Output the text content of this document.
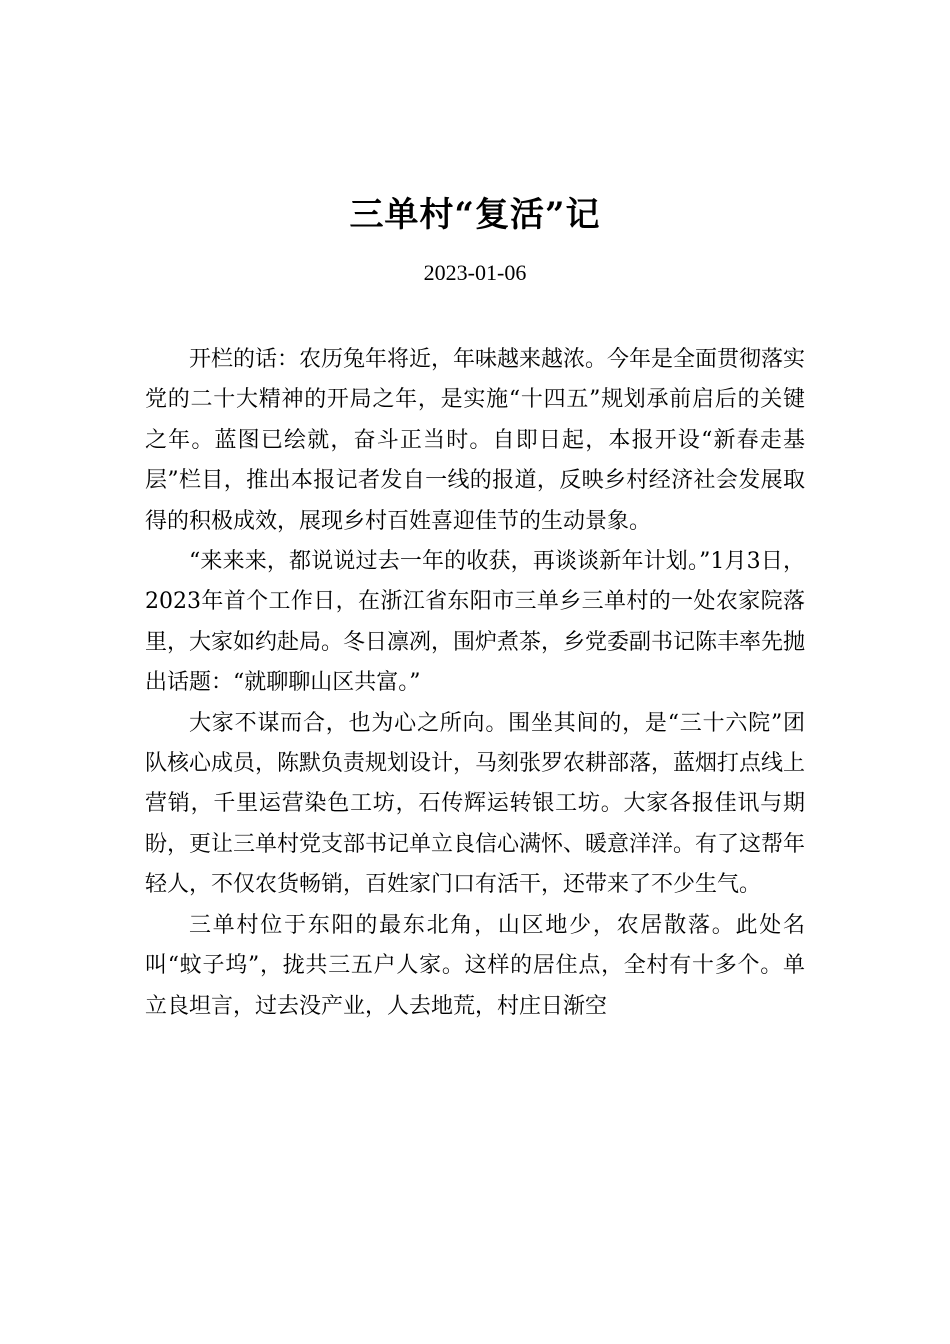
三单村“复活”记
2023-01-06

开栏的话：农历兔年将近，年味越来越浓。今年是全面贯彻落实党的二十大精神的开局之年，是实施“十四五”规划承前启后的关键之年。蓝图已绘就，奋斗正当时。自即日起，本报开设“新春走基层”栏目，推出本报记者发自一线的报道，反映乡村经济社会发展取得的积极成效，展现乡村百姓喜迎佳节的生动景象。

“来来来，都说说过去一年的收获，再谈谈新年计划。”1月3日，2023年首个工作日，在浙江省东阳市三单乡三单村的一处农家院落里，大家如约赴局。冬日凛冽，围炉煮茶，乡党委副书记陈丰率先抛出话题：“就聊聊山区共富。”

大家不谋而合，也为心之所向。围坐其间的，是“三十六院”团队核心成员，陈默负责规划设计，马刻张罗农耕部落，蓝烟打点线上营销，千里运营染色工坊，石传辉运转银工坊。大家各报佳讯与期盼，更让三单村党支部书记单立良信心满怀、暖意洋洋。有了这帮年轻人，不仅农货畅销，百姓家门口有活干，还带来了不少生气。

三单村位于东阳的最东北角，山区地少，农居散落。此处名叫“蚊子坞”，拢共三五户人家。这样的居住点，全村有十多个。单立良坦言，过去没产业，人去地荒，村庄日渐空
